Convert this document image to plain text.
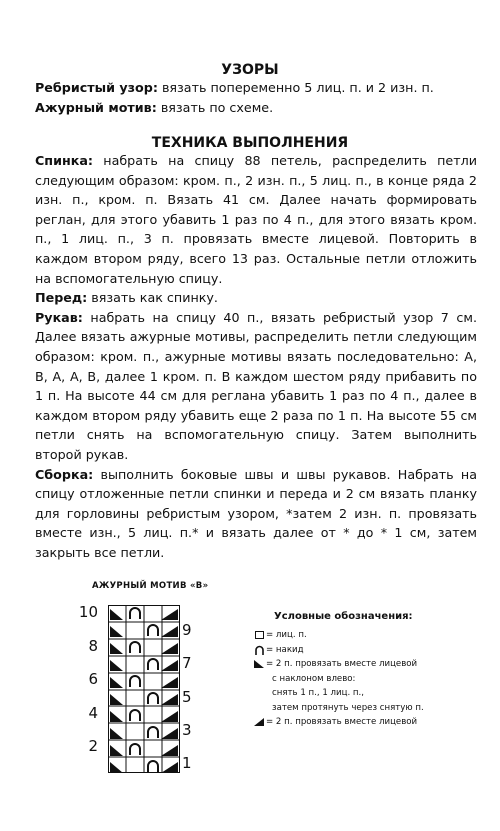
УЗОРЫ

Ребристый узор: вязать попеременно 5 лиц. п. и 2 изн. п.

Ажурный мотив: вязать по схеме.

ТЕХНИКА ВЫПОЛНЕНИЯ

Спинка: набрать на спицу 88 петель, распределить петли следующим образом: кром. п., 2 изн. п., 5 лиц. п., в конце ряда 2 изн. п., кром. п. Вязать 41 см. Далее начать формировать реглан, для этого убавить 1 раз по 4 п., для этого вязать кром. п., 1 лиц. п., 3 п. провязать вместе лицевой. Повторить в каждом втором ряду, всего 13 раз. Остальные петли отложить на вспомогательную спицу.

Перед: вязать как спинку.

Рукав: набрать на спицу 40 п., вязать ребристый узор 7 см. Далее вязать ажурные мотивы, распределить петли следующим образом: кром. п., ажурные мотивы вязать последовательно: А, В, А, А, В, далее 1 кром. п. В каждом шестом ряду прибавить по 1 п. На высоте 44 см для реглана убавить 1 раз по 4 п., далее в каждом втором ряду убавить еще 2 раза по 1 п. На высоте 55 см петли снять на вспомогательную спицу. Затем выполнить второй рукав.

Сборка: выполнить боковые швы и швы рукавов. Набрать на спицу отложенные петли спинки и переда и 2 см вязать планку для горловины ребристым узором, *затем 2 изн. п. провязать вместе изн., 5 лиц. п.* и вязать далее от * до * 1 см, затем закрыть все петли.

АЖУРНЫЙ МОТИВ «В»
10
8
6
4
2
9
7
5
3
1
Условные обозначения:
= лиц. п.
= накид
= 2 п. провязать вместе лицевой
с наклоном влево:
снять 1 п., 1 лиц. п.,
затем протянуть через снятую п.
= 2 п. провязать вместе лицевой
